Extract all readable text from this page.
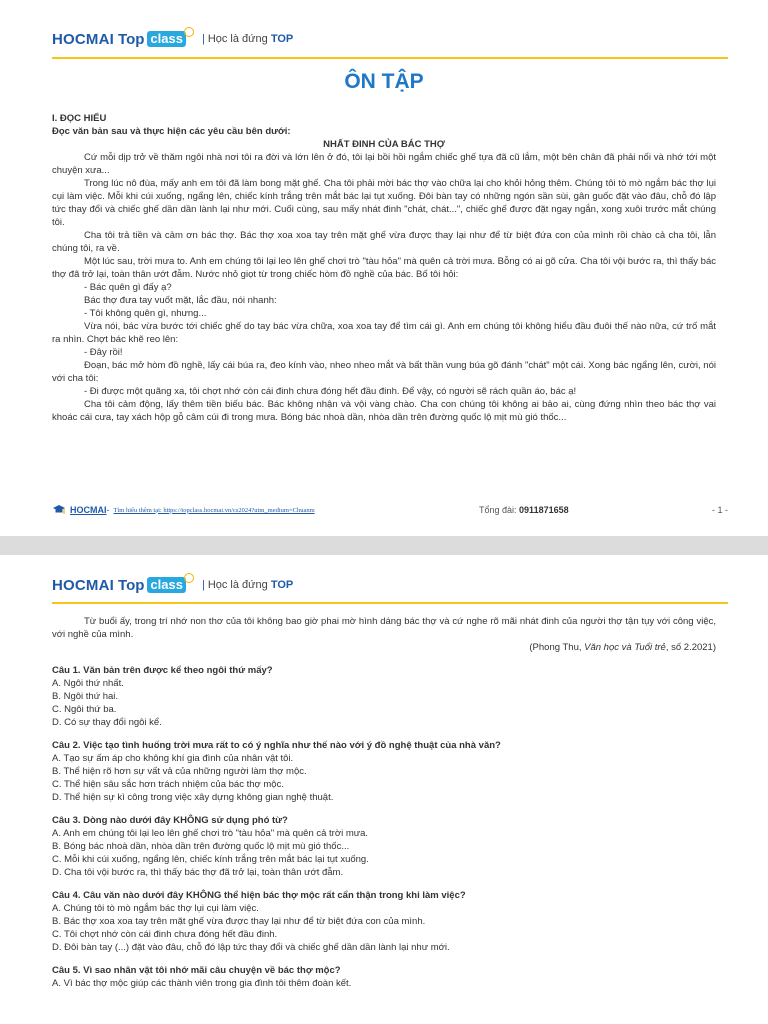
HOCMAI Top class | Học là đứng TOP
ÔN TẬP

I. ĐỌC HIỂU

Đọc văn bản sau và thực hiện các yêu cầu bên dưới:

NHẤT ĐINH CỦA BÁC THỢ

Cứ mỗi dịp trở về thăm ngôi nhà nơi tôi ra đời và lớn lên ở đó, tôi lại bồi hồi ngắm chiếc ghế tựa đã cũ lắm, một bên chân đã phải nối và nhớ tới một chuyện xưa...

Trong lúc nô đùa, mấy anh em tôi đã làm bong mặt ghế. Cha tôi phải mời bác thợ vào chữa lại cho khỏi hỏng thêm. Chúng tôi tò mò ngắm bác thợ lụi cụi làm việc. Mỗi khi cúi xuống, ngẩng lên, chiếc kính trắng trên mắt bác lại tụt xuống. Đôi bàn tay có những ngón sần sùi, gân guốc đặt vào đâu, chỗ đó lập tức thay đổi và chiếc ghế dần dần lành lại như mới. Cuối cùng, sau mấy nhát đinh "chát, chát...", chiếc ghế được đặt ngay ngắn, xong xuôi trước mắt chúng tôi.

Cha tôi trả tiền và cảm ơn bác thợ. Bác thợ xoa xoa tay trên mặt ghế vừa được thay lại như để từ biệt đứa con của mình rồi chào cả cha tôi, lẫn chúng tôi, ra về.

Một lúc sau, trời mưa to. Anh em chúng tôi lại leo lên ghế chơi trò "tàu hỏa" mà quên cả trời mưa. Bỗng có ai gõ cửa. Cha tôi vội bước ra, thì thấy bác thợ đã trở lại, toàn thân ướt đẫm. Nước nhỏ giọt từ trong chiếc hòm đồ nghề của bác. Bố tôi hỏi:

- Bác quên gì đấy ạ?

Bác thợ đưa tay vuốt mặt, lắc đầu, nói nhanh:

- Tôi không quên gì, nhưng...

Vừa nói, bác vừa bước tới chiếc ghế do tay bác vừa chữa, xoa xoa tay để tìm cái gì. Anh em chúng tôi không hiểu đầu đuôi thế nào nữa, cứ trố mắt ra nhìn. Chợt bác khẽ reo lên:

- Đây rồi!

Đoạn, bác mở hòm đồ nghề, lấy cái búa ra, đeo kính vào, nheo nheo mắt và bất thần vung búa gõ đánh "chát" một cái. Xong bác ngẩng lên, cười, nói với cha tôi:

- Đi được một quãng xa, tôi chợt nhớ còn cái đinh chưa đóng hết đầu đinh. Để vậy, có người sẽ rách quần áo, bác ạ!

Cha tôi cảm động, lấy thêm tiền biếu bác. Bác không nhận và vội vàng chào. Cha con chúng tôi không ai bảo ai, cùng đứng nhìn theo bác thợ vai khoác cái cưa, tay xách hộp gỗ câm cúi đi trong mưa. Bóng bác nhoà dần, nhòa dần trên đường quốc lộ mịt mù gió thốc...

HOCMAI - Tìm hiểu thêm tại: https://topclass.hocmai.vn/cs2024?utm_medium=Chuanm	Tổng đài: 0911871658	- 1 -
HOCMAI Top class | Học là đứng TOP

Từ buổi ấy, trong trí nhớ non thơ của tôi không bao giờ phai mờ hình dáng bác thợ và cứ nghe rõ mãi nhát đinh của người thợ tận tụy với công việc, với nghề của mình.

(Phong Thu, Văn học và Tuổi trẻ, số 2.2021)

Câu 1. Văn bản trên được kể theo ngôi thứ mấy?

A. Ngôi thứ nhất.

B. Ngôi thứ hai.

C. Ngôi thứ ba.

D. Có sự thay đổi ngôi kể.

Câu 2. Việc tạo tình huống trời mưa rất to có ý nghĩa như thế nào với ý đồ nghệ thuật của nhà văn?

A. Tạo sự ấm áp cho không khí gia đình của nhân vật tôi.

B. Thể hiện rõ hơn sự vất vả của những người làm thợ mộc.

C. Thể hiện sâu sắc hơn trách nhiệm của bác thợ mộc.

D. Thể hiện sự kì công trong việc xây dựng không gian nghệ thuật.

Câu 3. Dòng nào dưới đây KHÔNG sử dụng phó từ?

A. Anh em chúng tôi lại leo lên ghế chơi trò "tàu hỏa" mà quên cả trời mưa.

B. Bóng bác nhoà dần, nhòa dần trên đường quốc lộ mịt mù gió thốc...

C. Mỗi khi cúi xuống, ngẩng lên, chiếc kính trắng trên mắt bác lại tụt xuống.

D. Cha tôi vội bước ra, thì thấy bác thợ đã trở lại, toàn thân ướt đẫm.

Câu 4. Câu văn nào dưới đây KHÔNG thể hiện bác thợ mộc rất cẩn thận trong khi làm việc?

A. Chúng tôi tò mò ngắm bác thợ lụi cụi làm việc.

B. Bác thợ xoa xoa tay trên mặt ghế vừa được thay lại như để từ biệt đứa con của mình.

C. Tôi chợt nhớ còn cái đinh chưa đóng hết đầu đinh.

D. Đôi bàn tay (...) đặt vào đâu, chỗ đó lập tức thay đổi và chiếc ghế dần dần lành lại như mới.

Câu 5. Vì sao nhân vật tôi nhớ mãi câu chuyện về bác thợ mộc?

A. Vì bác thợ mộc giúp các thành viên trong gia đình tôi thêm đoàn kết.
